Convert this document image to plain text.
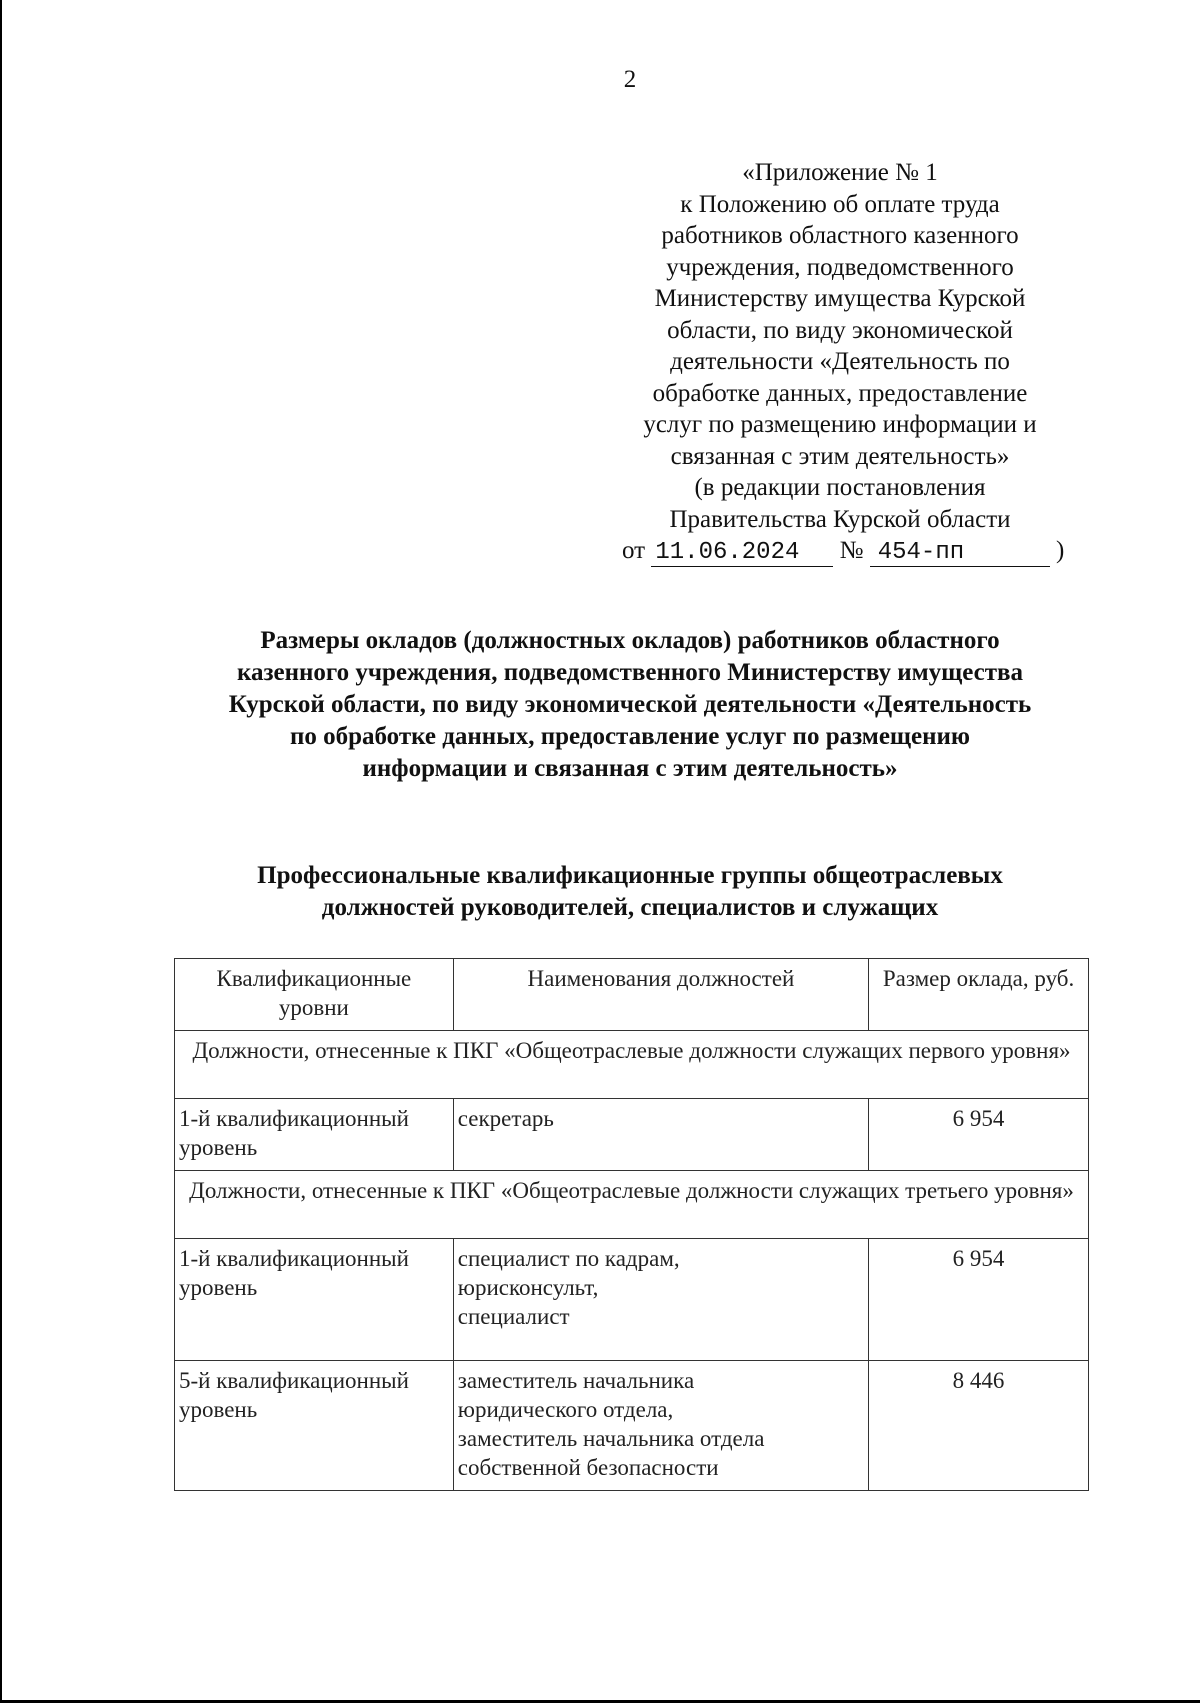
2
«Приложение № 1
к Положению об оплате труда
работников областного казенного
учреждения, подведомственного
Министерству имущества Курской
области, по виду экономической
деятельности «Деятельность по
обработке данных, предоставление
услуг по размещению информации и
связанная с этим деятельность»
(в редакции постановления
Правительства Курской области
от 11.06.2024 № 454-пп	)
Размеры окладов (должностных окладов) работников областного
казенного учреждения, подведомственного Министерству имущества
Курской области, по виду экономической деятельности «Деятельность
по обработке данных, предоставление услуг по размещению
информации и связанная с этим деятельность»
Профессиональные квалификационные группы общеотраслевых
должностей руководителей, специалистов и служащих
Квалификационные уровни	Наименования должностей	Размер оклада, руб.
Должности, отнесенные к ПКГ «Общеотраслевые должности служащих первого уровня»		
1-й квалификационный уровень	секретарь	6 954
Должности, отнесенные к ПКГ «Общеотраслевые должности служащих третьего уровня»		
1-й квалификационный уровень	специалист по кадрам,
юрисконсульт,
специалист	6 954
5-й квалификационный уровень	заместитель начальника
юридического отдела,
заместитель начальника отдела
собственной безопасности	8 446
